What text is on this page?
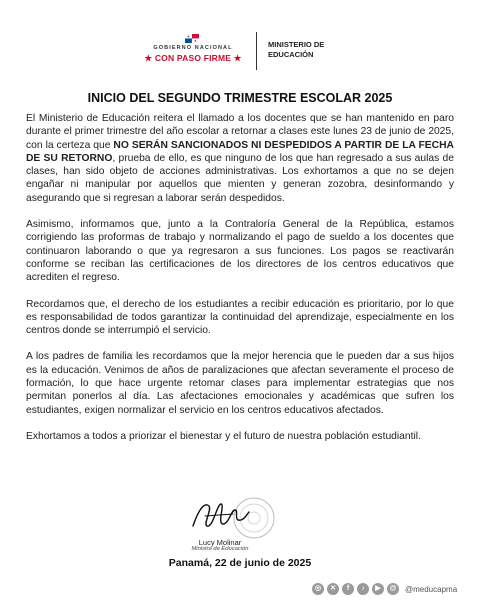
★
★
GOBIERNO NACIONAL
★ CON PASO FIRME ★
MINISTERIO DE
EDUCACIÓN
INICIO DEL SEGUNDO TRIMESTRE ESCOLAR 2025

El Ministerio de Educación reitera el llamado a los docentes que se han mantenido en paro durante el primer trimestre del año escolar a retornar a clases este lunes 23 de junio de 2025, con la certeza que NO SERÁN SANCIONADOS NI DESPEDIDOS A PARTIR DE LA FECHA DE SU RETORNO, prueba de ello, es que ninguno de los que han regresado a sus aulas de clases, han sido objeto de acciones administrativas. Los exhortamos a que no se dejen engañar ni manipular por aquellos que mienten y generan zozobra, desinformando y asegurando que si regresan a laborar serán despedidos.

Asimismo, informamos que, junto a la Contraloría General de la República, estamos corrigiendo las proformas de trabajo y normalizando el pago de sueldo a los docentes que continuaron laborando o que ya regresaron a sus funciones. Los pagos se reactivarán conforme se reciban las certificaciones de los directores de los centros educativos que acrediten el regreso.

Recordamos que, el derecho de los estudiantes a recibir educación es prioritario, por lo que es responsabilidad de todos garantizar la continuidad del aprendizaje, especialmente en los centros donde se interrumpió el servicio.

A los padres de familia les recordamos que la mejor herencia que le pueden dar a sus hijos es la educación. Venimos de años de paralizaciones que afectan severamente el proceso de formación, lo que hace urgente retomar clases para implementar estrategias que nos permitan ponerlos al día. Las afectaciones emocionales y académicas que sufren los estudiantes, exigen normalizar el servicio en los centros educativos afectados.

Exhortamos a todos a priorizar el bienestar y el futuro de nuestra población estudiantil.

Lucy Molinar
Ministra de Educación
Panamá, 22 de junio de 2025
◎	✕	f	♪	▶	@	@meducapma
